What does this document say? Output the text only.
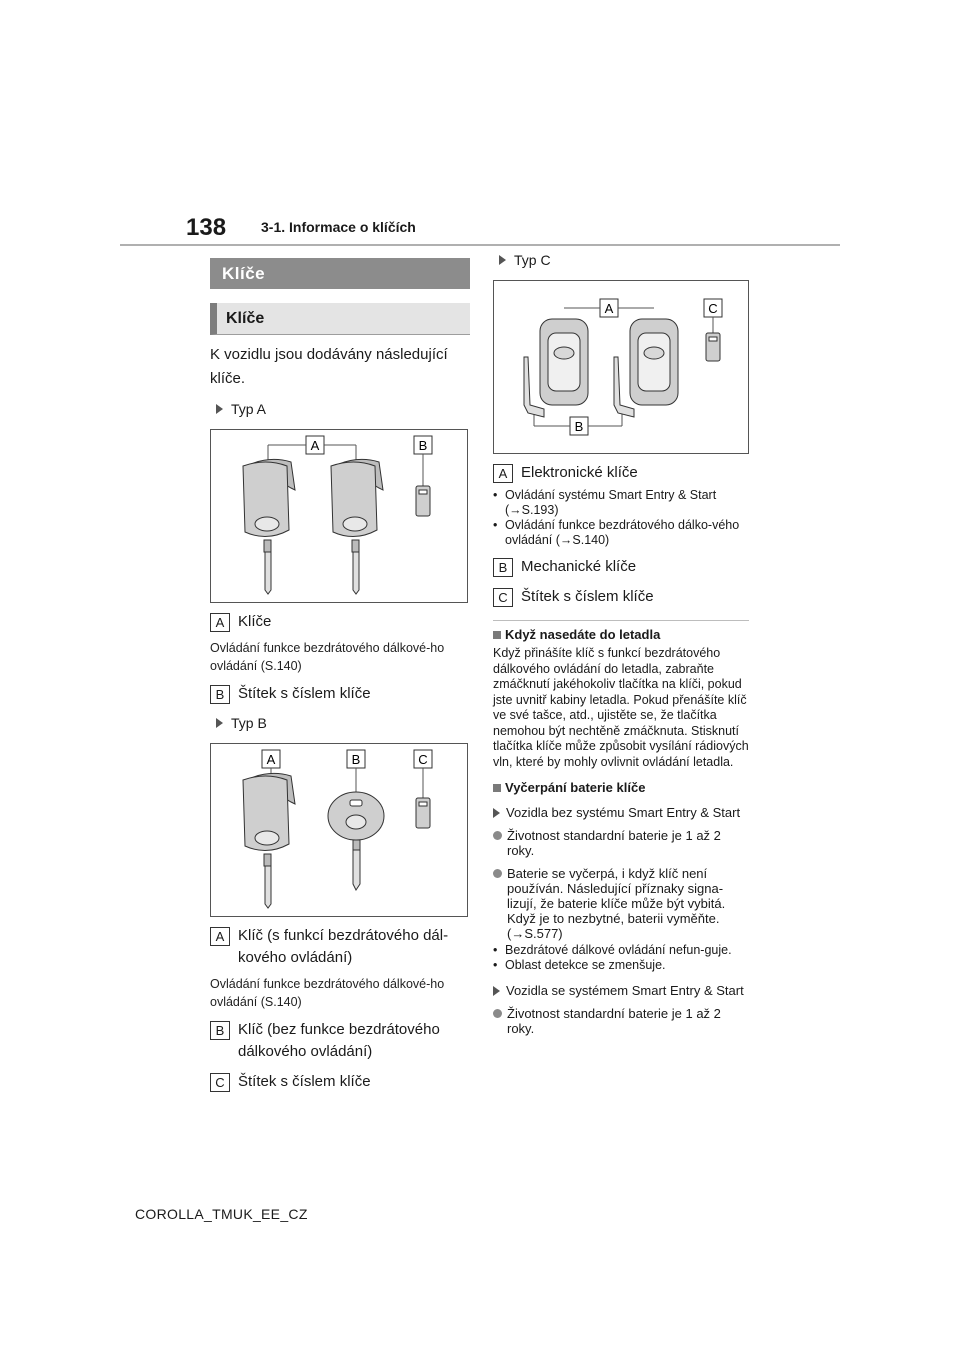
138 3-1. Informace o klíčích
Klíče
Klíče
K vozidlu jsou dodávány následující klíče.
Typ A
A	B
A Klíče
Ovládání funkce bezdrátového dálkové-ho ovládání (S.140)
B Štítek s číslem klíče
Typ B
A	B	C
A Klíč (s funkcí bezdrátového dál-kového ovládání)
Ovládání funkce bezdrátového dálkové-ho ovládání (S.140)
B Klíč (bez funkce bezdrátového dálkového ovládání)
C Štítek s číslem klíče
Typ C
A	C
B
A Elektronické klíče
• Ovládání systému Smart Entry & Start (→S.193)
• Ovládání funkce bezdrátového dálko-vého ovládání (→S.140)
B Mechanické klíče
C Štítek s číslem klíče
Když nasedáte do letadla
Když přinášíte klíč s funkcí bezdrátového dálkového ovládání do letadla, zabraňte zmáčknutí jakéhokoliv tlačítka na klíči, pokud jste uvnitř kabiny letadla. Pokud přenášíte klíč ve své tašce, atd., ujistěte se, že tlačítka nemohou být nechtěně zmáčknuta. Stisknutí tlačítka klíče může způsobit vysílání rádiových vln, které by mohly ovlivnit ovládání letadla.
Vyčerpání baterie klíče
Vozidla bez systému Smart Entry & Start
Životnost standardní baterie je 1 až 2 roky.
Baterie se vyčerpá, i když klíč není používán. Následující příznaky signa-lizují, že baterie klíče může být vybitá. Když je to nezbytné, baterii vyměňte. (→S.577)
• Bezdrátové dálkové ovládání nefun-guje.
• Oblast detekce se zmenšuje.
Vozidla se systémem Smart Entry & Start
Životnost standardní baterie je 1 až 2 roky.
COROLLA_TMUK_EE_CZ
